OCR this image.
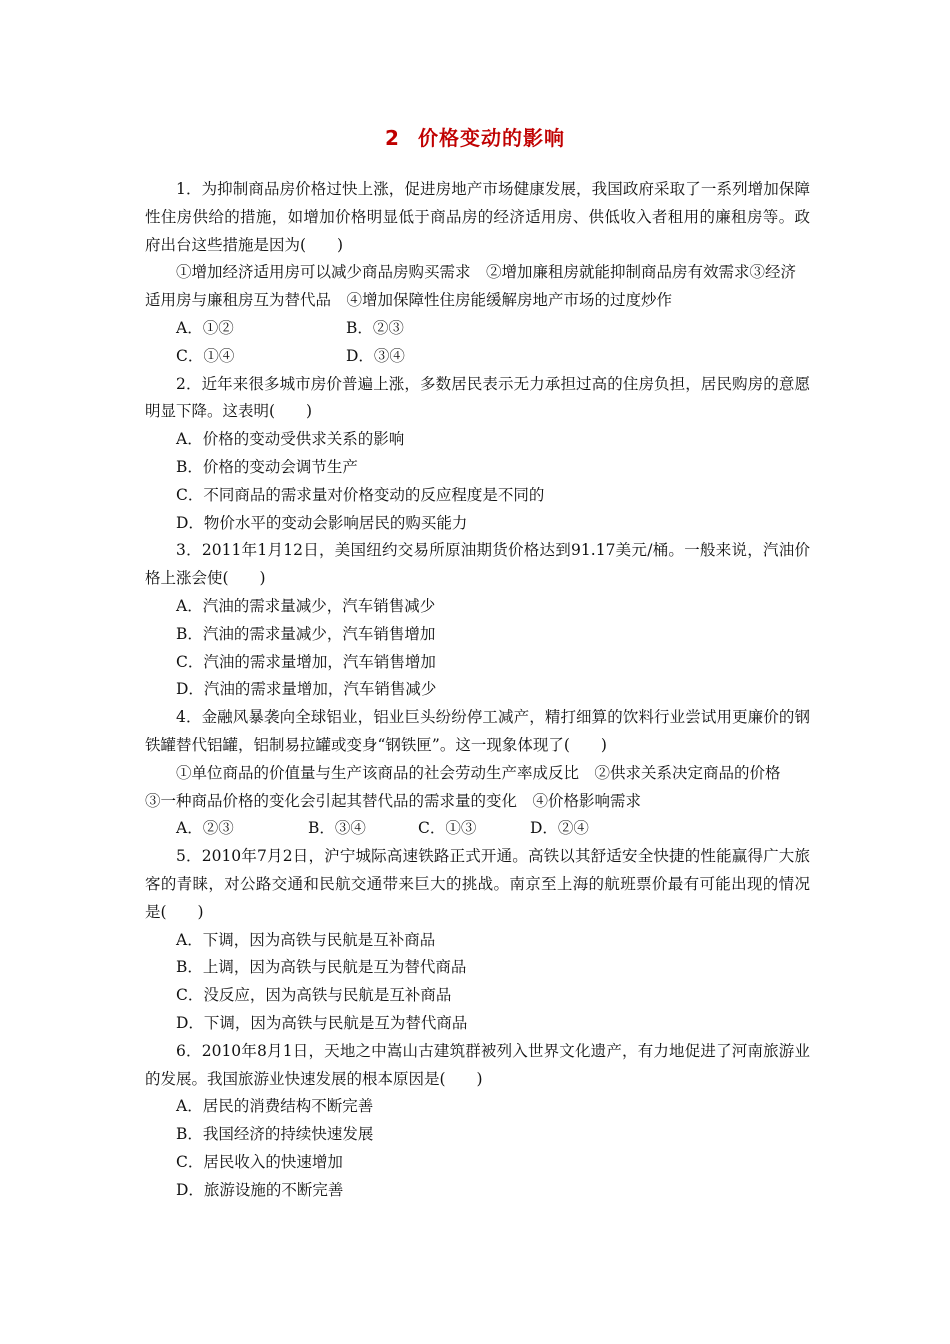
2 价格变动的影响

1．为抑制商品房价格过快上涨，促进房地产市场健康发展，我国政府采取了一系列增加保障性住房供给的措施，如增加价格明显低于商品房的经济适用房、供低收入者租用的廉租房等。政府出台这些措施是因为(　　)

①增加经济适用房可以减少商品房购买需求　②增加廉租房就能抑制商品房有效需求③经济适用房与廉租房互为替代品　④增加保障性住房能缓解房地产市场的过度炒作

A．①②	B．②③

C．①④	D．③④

2．近年来很多城市房价普遍上涨，多数居民表示无力承担过高的住房负担，居民购房的意愿明显下降。这表明(　　)

A．价格的变动受供求关系的影响

B．价格的变动会调节生产

C．不同商品的需求量对价格变动的反应程度是不同的

D．物价水平的变动会影响居民的购买能力

3．2011年1月12日，美国纽约交易所原油期货价格达到91.17美元/桶。一般来说，汽油价格上涨会使(　　)

A．汽油的需求量减少，汽车销售减少

B．汽油的需求量减少，汽车销售增加

C．汽油的需求量增加，汽车销售增加

D．汽油的需求量增加，汽车销售减少

4．金融风暴袭向全球铝业，铝业巨头纷纷停工减产，精打细算的饮料行业尝试用更廉价的钢铁罐替代铝罐，铝制易拉罐或变身“钢铁匣”。这一现象体现了(　　)

①单位商品的价值量与生产该商品的社会劳动生产率成反比　②供求关系决定商品的价格　③一种商品价格的变化会引起其替代品的需求量的变化　④价格影响需求

A．②③	B．③④	C．①③	D．②④

5．2010年7月2日，沪宁城际高速铁路正式开通。高铁以其舒适安全快捷的性能赢得广大旅客的青睐，对公路交通和民航交通带来巨大的挑战。南京至上海的航班票价最有可能出现的情况是(　　)

A．下调，因为高铁与民航是互补商品

B．上调，因为高铁与民航是互为替代商品

C．没反应，因为高铁与民航是互补商品

D．下调，因为高铁与民航是互为替代商品

6．2010年8月1日，天地之中嵩山古建筑群被列入世界文化遗产，有力地促进了河南旅游业的发展。我国旅游业快速发展的根本原因是(　　)

A．居民的消费结构不断完善

B．我国经济的持续快速发展

C．居民收入的快速增加

D．旅游设施的不断完善
